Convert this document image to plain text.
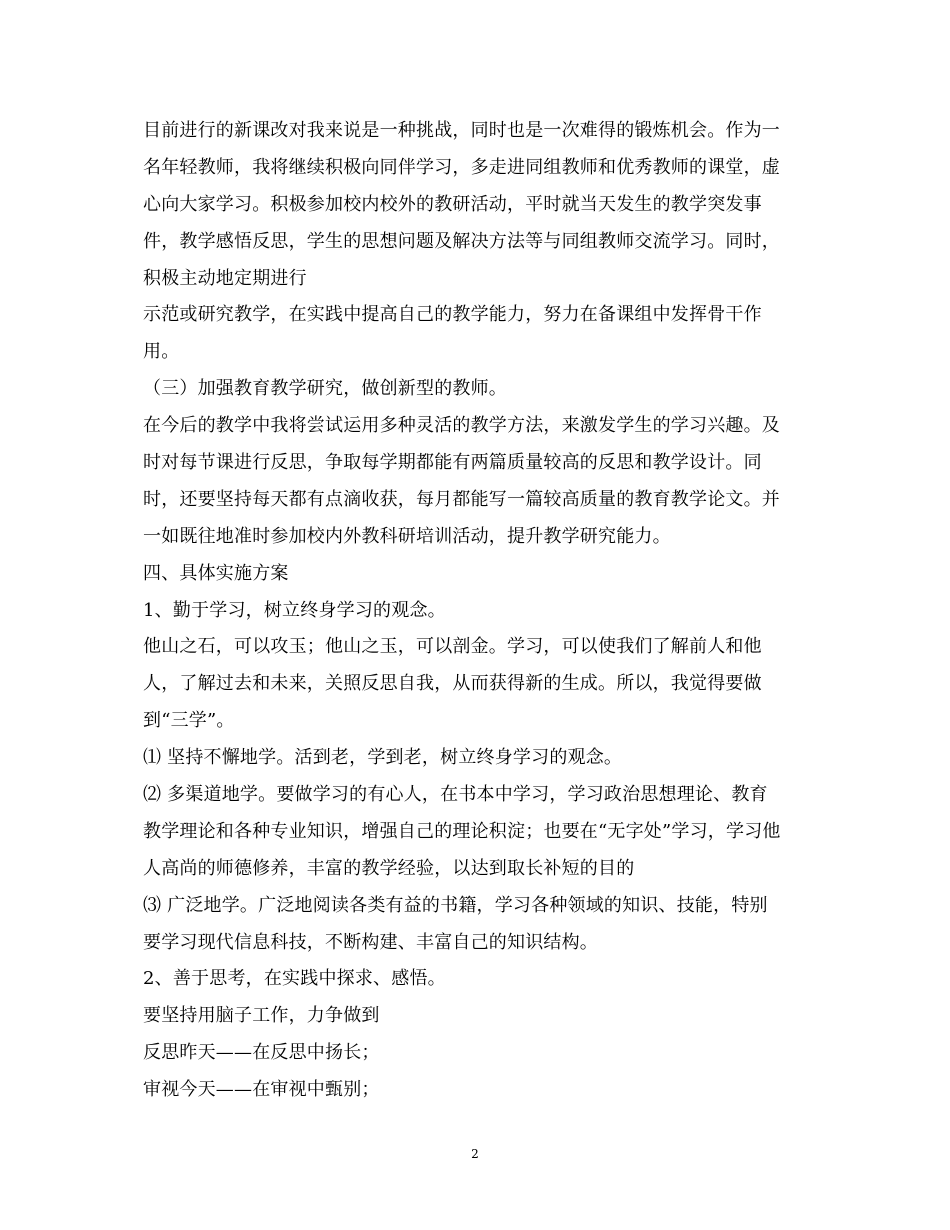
目前进行的新课改对我来说是一种挑战，同时也是一次难得的锻炼机会。作为一
名年轻教师，我将继续积极向同伴学习，多走进同组教师和优秀教师的课堂，虚
心向大家学习。积极参加校内校外的教研活动，平时就当天发生的教学突发事
件，教学感悟反思，学生的思想问题及解决方法等与同组教师交流学习。同时，
积极主动地定期进行
示范或研究教学，在实践中提高自己的教学能力，努力在备课组中发挥骨干作
用。
（三）加强教育教学研究，做创新型的教师。
在今后的教学中我将尝试运用多种灵活的教学方法，来激发学生的学习兴趣。及
时对每节课进行反思，争取每学期都能有两篇质量较高的反思和教学设计。同
时，还要坚持每天都有点滴收获，每月都能写一篇较高质量的教育教学论文。并
一如既往地准时参加校内外教科研培训活动，提升教学研究能力。
四、具体实施方案
1、勤于学习，树立终身学习的观念。
他山之石，可以攻玉；他山之玉，可以剖金。学习，可以使我们了解前人和他
人，了解过去和未来，关照反思自我，从而获得新的生成。所以，我觉得要做
到“三学”。
⑴ 坚持不懈地学。活到老，学到老，树立终身学习的观念。
⑵ 多渠道地学。要做学习的有心人，在书本中学习，学习政治思想理论、教育
教学理论和各种专业知识，增强自己的理论积淀；也要在“无字处”学习，学习他
人高尚的师德修养，丰富的教学经验，以达到取长补短的目的
⑶ 广泛地学。广泛地阅读各类有益的书籍，学习各种领域的知识、技能，特别
要学习现代信息科技，不断构建、丰富自己的知识结构。
2、善于思考，在实践中探求、感悟。
要坚持用脑子工作，力争做到
反思昨天——在反思中扬长；
审视今天——在审视中甄别；
2
